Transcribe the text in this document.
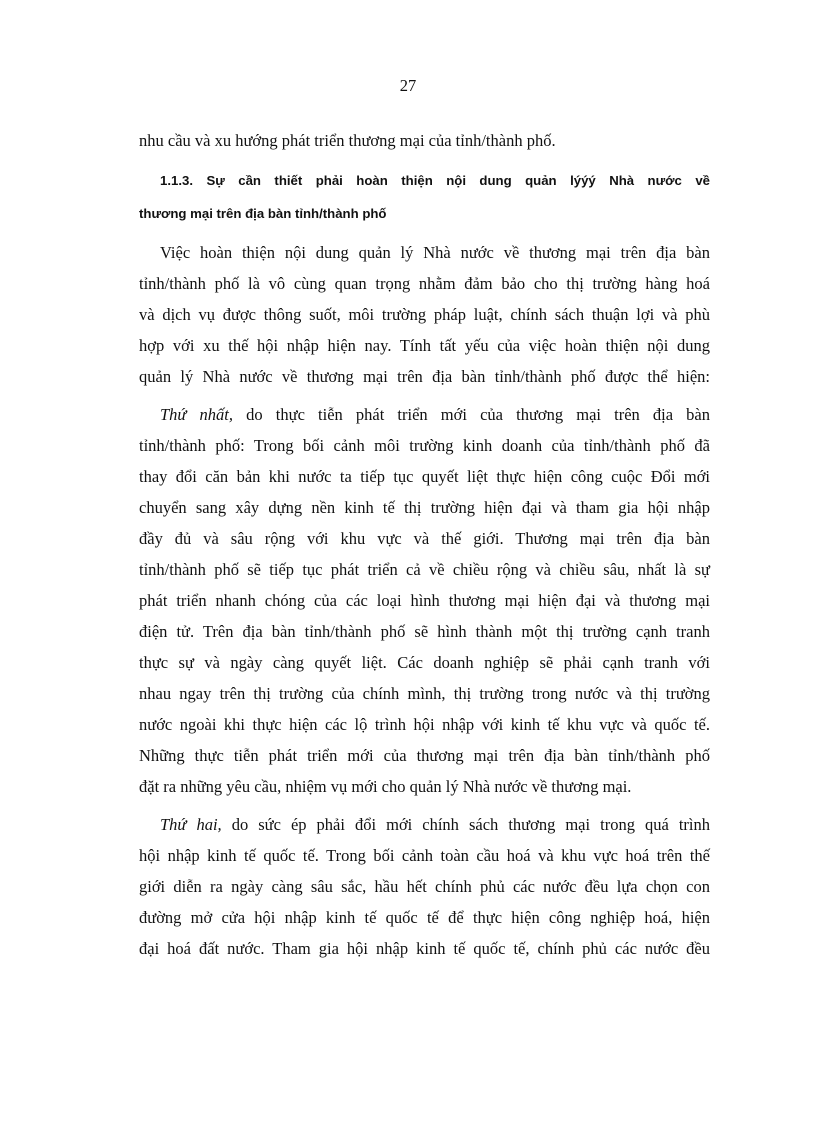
27
nhu cầu và xu hướng phát triển thương mại của tỉnh/thành phố.
1.1.3. Sự cần thiết phải hoàn thiện nội dung quản lýýý Nhà nước về
thương mại trên địa bàn tỉnh/thành phố
Việc hoàn thiện nội dung quản lý Nhà nước về thương mại trên địa bàn
tỉnh/thành phố là vô cùng quan trọng nhằm đảm bảo cho thị trường hàng hoá
và dịch vụ được thông suốt, môi trường pháp luật, chính sách thuận lợi và phù
hợp với xu thế hội nhập hiện nay. Tính tất yếu của việc hoàn thiện nội dung
quản lý Nhà nước về thương mại trên địa bàn tỉnh/thành phố được thể hiện:
Thứ nhất, do thực tiễn phát triển mới của thương mại trên địa bàn
tỉnh/thành phố: Trong bối cảnh môi trường kinh doanh của tỉnh/thành phố đã
thay đổi căn bản khi nước ta tiếp tục quyết liệt thực hiện công cuộc Đổi mới
chuyển sang xây dựng nền kinh tế thị trường hiện đại và tham gia hội nhập
đầy đủ và sâu rộng với khu vực và thế giới. Thương mại trên địa bàn
tỉnh/thành phố sẽ tiếp tục phát triển cả về chiều rộng và chiều sâu, nhất là sự
phát triển nhanh chóng của các loại hình thương mại hiện đại và thương mại
điện tử. Trên địa bàn tỉnh/thành phố sẽ hình thành một thị trường cạnh tranh
thực sự và ngày càng quyết liệt. Các doanh nghiệp sẽ phải cạnh tranh với
nhau ngay trên thị trường của chính mình, thị trường trong nước và thị trường
nước ngoài khi thực hiện các lộ trình hội nhập với kinh tế khu vực và quốc tế.
Những thực tiễn phát triển mới của thương mại trên địa bàn tỉnh/thành phố
đặt ra những yêu cầu, nhiệm vụ mới cho quản lý Nhà nước về thương mại.
Thứ hai, do sức ép phải đổi mới chính sách thương mại trong quá trình
hội nhập kinh tế quốc tế. Trong bối cảnh toàn cầu hoá và khu vực hoá trên thế
giới diễn ra ngày càng sâu sắc, hầu hết chính phủ các nước đều lựa chọn con
đường mở cửa hội nhập kinh tế quốc tế để thực hiện công nghiệp hoá, hiện
đại hoá đất nước. Tham gia hội nhập kinh tế quốc tế, chính phủ các nước đều
